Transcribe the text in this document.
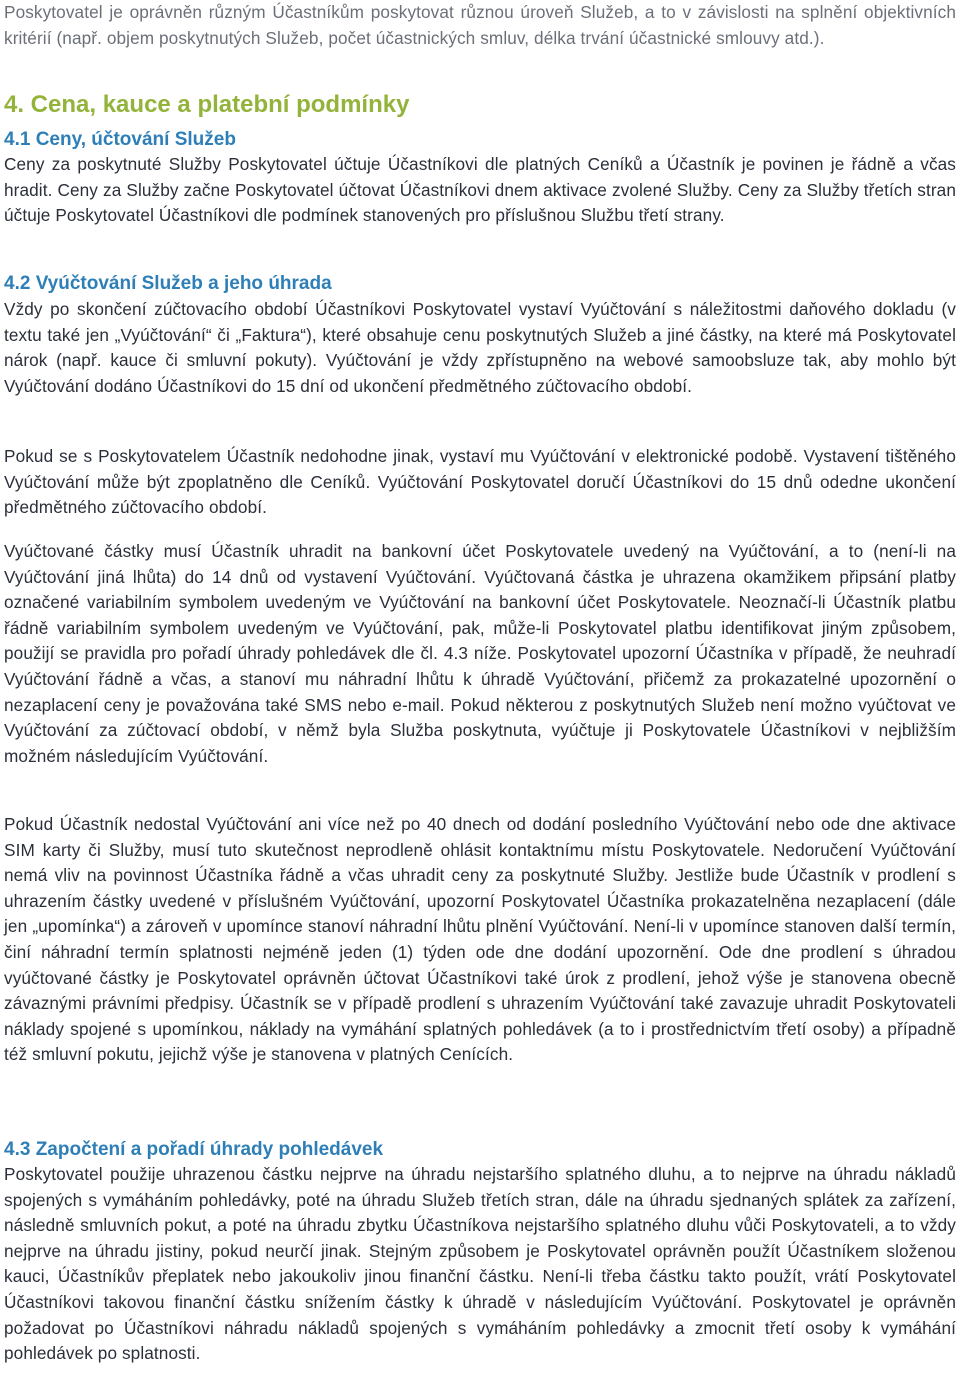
Poskytovatel je oprávněn různým Účastníkům poskytovat různou úroveň Služeb, a to v závislosti na splnění objektivních kritérií (např. objem poskytnutých Služeb, počet účastnických smluv, délka trvání účastnické smlouvy atd.).

4. Cena, kauce a platební podmínky
4.1 Ceny, účtování Služeb

Ceny za poskytnuté Služby Poskytovatel účtuje Účastníkovi dle platných Ceníků a Účastník je povinen je řádně a včas hradit. Ceny za Služby začne Poskytovatel účtovat Účastníkovi dnem aktivace zvolené Služby. Ceny za Služby třetích stran účtuje Poskytovatel Účastníkovi dle podmínek stanovených pro příslušnou Službu třetí strany.

4.2 Vyúčtování Služeb a jeho úhrada

Vždy po skončení zúčtovacího období Účastníkovi Poskytovatel vystaví Vyúčtování s náležitostmi daňového dokladu (v textu také jen „Vyúčtování“ či „Faktura“), které obsahuje cenu poskytnutých Služeb a jiné částky, na které má Poskytovatel nárok (např. kauce či smluvní pokuty). Vyúčtování je vždy zpřístupněno na webové samoobsluze tak, aby mohlo být Vyúčtování dodáno Účastníkovi do 15 dní od ukončení předmětného zúčtovacího období.

Pokud se s Poskytovatelem Účastník nedohodne jinak, vystaví mu Vyúčtování v elektronické podobě. Vystavení tištěného Vyúčtování může být zpoplatněno dle Ceníků. Vyúčtování Poskytovatel doručí Účastníkovi do 15 dnů odedne ukončení předmětného zúčtovacího období.

Vyúčtované částky musí Účastník uhradit na bankovní účet Poskytovatele uvedený na Vyúčtování, a to (není-li na Vyúčtování jiná lhůta) do 14 dnů od vystavení Vyúčtování. Vyúčtovaná částka je uhrazena okamžikem připsání platby označené variabilním symbolem uvedeným ve Vyúčtování na bankovní účet Poskytovatele. Neoznačí-li Účastník platbu řádně variabilním symbolem uvedeným ve Vyúčtování, pak, může-li Poskytovatel platbu identifikovat jiným způsobem, použijí se pravidla pro pořadí úhrady pohledávek dle čl. 4.3 níže. Poskytovatel upozorní Účastníka v případě, že neuhradí Vyúčtování řádně a včas, a stanoví mu náhradní lhůtu k úhradě Vyúčtování, přičemž za prokazatelné upozornění o nezaplacení ceny je považována také SMS nebo e-mail. Pokud některou z poskytnutých Služeb není možno vyúčtovat ve Vyúčtování za zúčtovací období, v němž byla Služba poskytnuta, vyúčtuje ji Poskytovatele Účastníkovi v nejbližším možném následujícím Vyúčtování.

Pokud Účastník nedostal Vyúčtování ani více než po 40 dnech od dodání posledního Vyúčtování nebo ode dne aktivace SIM karty či Služby, musí tuto skutečnost neprodleně ohlásit kontaktnímu místu Poskytovatele. Nedoručení Vyúčtování nemá vliv na povinnost Účastníka řádně a včas uhradit ceny za poskytnuté Služby. Jestliže bude Účastník v prodlení s uhrazením částky uvedené v příslušném Vyúčtování, upozorní Poskytovatel Účastníka prokazatelněna nezaplacení (dále jen „upomínka“) a zároveň v upomínce stanoví náhradní lhůtu plnění Vyúčtování. Není-li v upomínce stanoven další termín, činí náhradní termín splatnosti nejméně jeden (1) týden ode dne dodání upozornění. Ode dne prodlení s úhradou vyúčtované částky je Poskytovatel oprávněn účtovat Účastníkovi také úrok z prodlení, jehož výše je stanovena obecně závaznými právními předpisy. Účastník se v případě prodlení s uhrazením Vyúčtování také zavazuje uhradit Poskytovateli náklady spojené s upomínkou, náklady na vymáhání splatných pohledávek (a to i prostřednictvím třetí osoby) a případně též smluvní pokutu, jejichž výše je stanovena v platných Cenících.

4.3 Započtení a pořadí úhrady pohledávek

Poskytovatel použije uhrazenou částku nejprve na úhradu nejstaršího splatného dluhu, a to nejprve na úhradu nákladů spojených s vymáháním pohledávky, poté na úhradu Služeb třetích stran, dále na úhradu sjednaných splátek za zařízení, následně smluvních pokut, a poté na úhradu zbytku Účastníkova nejstaršího splatného dluhu vůči Poskytovateli, a to vždy nejprve na úhradu jistiny, pokud neurčí jinak. Stejným způsobem je Poskytovatel oprávněn použít Účastníkem složenou kauci, Účastníkův přeplatek nebo jakoukoliv jinou finanční částku. Není-li třeba částku takto použít, vrátí Poskytovatel Účastníkovi takovou finanční částku snížením částky k úhradě v následujícím Vyúčtování. Poskytovatel je oprávněn požadovat po Účastníkovi náhradu nákladů spojených s vymáháním pohledávky a zmocnit třetí osoby k vymáhání pohledávek po splatnosti.
